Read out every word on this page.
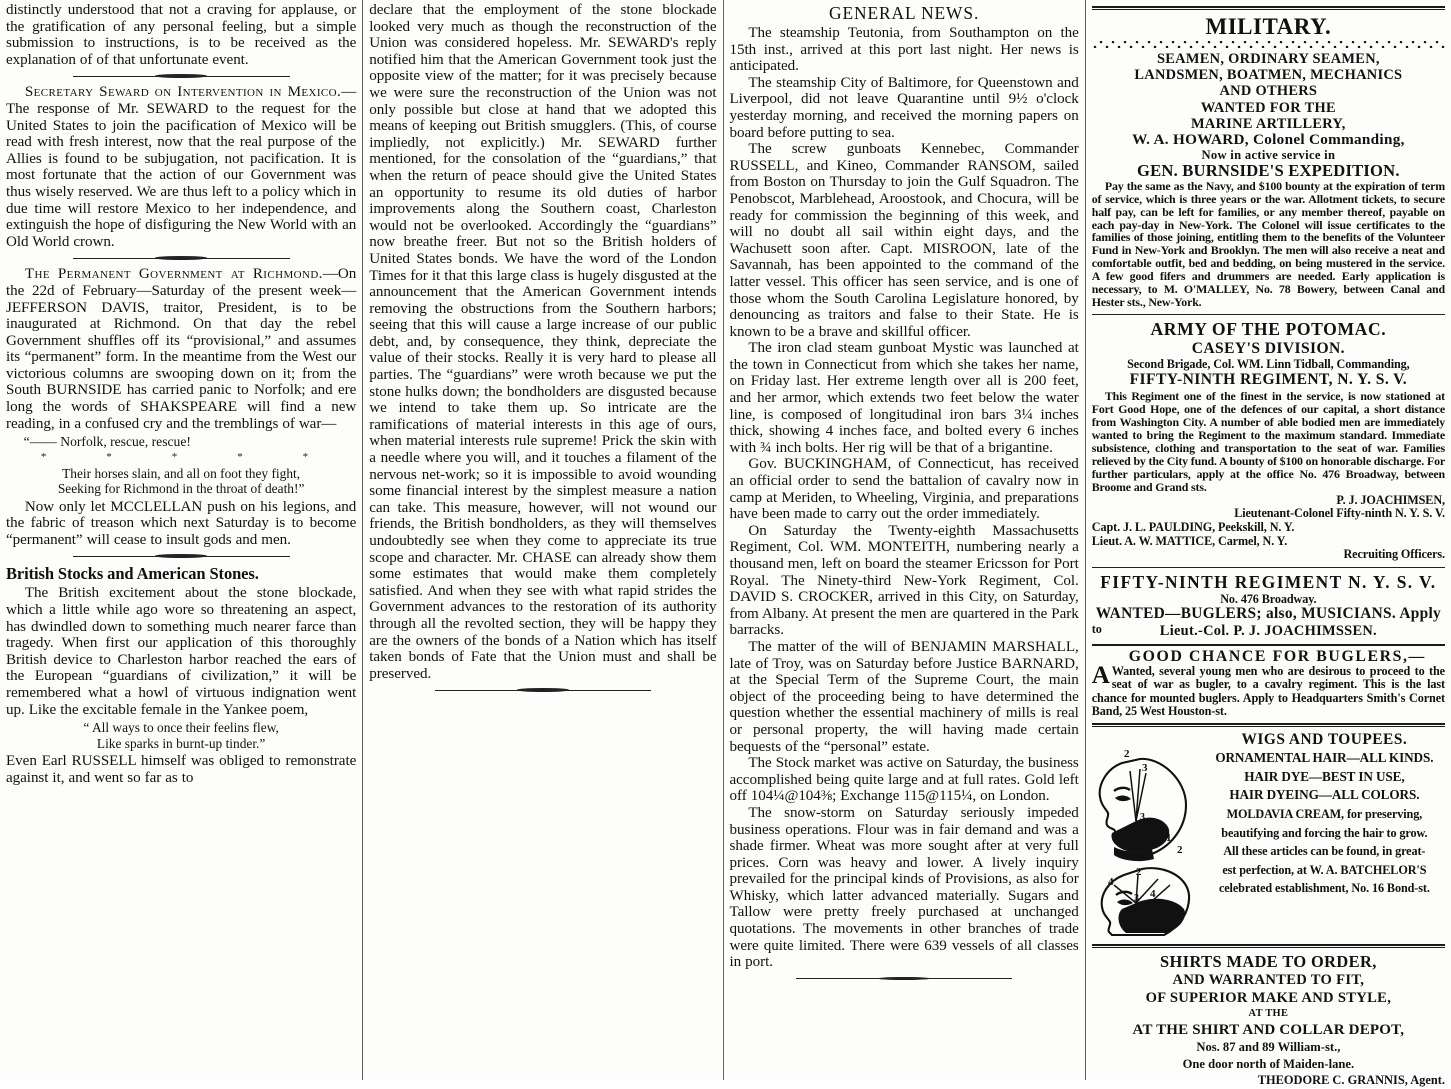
distinctly understood that not a craving for applause, or the gratification of any personal feeling, but a simple submission to instructions, is to be received as the explanation of of that unfortunate event.

Secretary Seward on Intervention in Mexico.—The response of Mr. SEWARD to the request for the United States to join the pacification of Mexico will be read with fresh interest, now that the real purpose of the Allies is found to be subjugation, not pacification. It is most fortunate that the action of our Government was thus wisely reserved. We are thus left to a policy which in due time will restore Mexico to her independence, and extinguish the hope of disfiguring the New World with an Old World crown.

The Permanent Government at Richmond.—On the 22d of February—Saturday of the present week—JEFFERSON DAVIS, traitor, President, is to be inaugurated at Richmond. On that day the rebel Government shuffles off its “provisional,” and assumes its “permanent” form. In the meantime from the West our victorious columns are swooping down on it; from the South BURNSIDE has carried panic to Norfolk; and ere long the words of SHAKSPEARE will find a new reading, in a confused cry and the tremblings of war—

“—— Norfolk, rescue, rescue!

* * * * *
Their horses slain, and all on foot they fight,
Seeking for Richmond in the throat of death!”

Now only let MCCLELLAN push on his legions, and the fabric of treason which next Saturday is to become “permanent” will cease to insult gods and men.

British Stocks and American Stones.

The British excitement about the stone blockade, which a little while ago wore so threatening an aspect, has dwindled down to something much nearer farce than tragedy. When first our application of this thoroughly British device to Charleston harbor reached the ears of the European “guardians of civilization,” it will be remembered what a howl of virtuous indignation went up. Like the excitable female in the Yankee poem,

“ All ways to once their feelins flew,
Like sparks in burnt-up tinder.”

Even Earl RUSSELL himself was obliged to remonstrate against it, and went so far as to

declare that the employment of the stone blockade looked very much as though the reconstruction of the Union was considered hopeless. Mr. SEWARD's reply notified him that the American Government took just the opposite view of the matter; for it was precisely because we were sure the reconstruction of the Union was not only possible but close at hand that we adopted this means of keeping out British smugglers. (This, of course impliedly, not explicitly.) Mr. SEWARD further mentioned, for the consolation of the “guardians,” that when the return of peace should give the United States an opportunity to resume its old duties of harbor improvements along the Southern coast, Charleston would not be overlooked. Accordingly the “guardians” now breathe freer. But not so the British holders of United States bonds. We have the word of the London Times for it that this large class is hugely disgusted at the announcement that the American Government intends removing the obstructions from the Southern harbors; seeing that this will cause a large increase of our public debt, and, by consequence, they think, depreciate the value of their stocks. Really it is very hard to please all parties. The “guardians” were wroth because we put the stone hulks down; the bondholders are disgusted because we intend to take them up. So intricate are the ramifications of material interests in this age of ours, when material interests rule supreme! Prick the skin with a needle where you will, and it touches a filament of the nervous net-work; so it is impossible to avoid wounding some financial interest by the simplest measure a nation can take. This measure, however, will not wound our friends, the British bondholders, as they will themselves undoubtedly see when they come to appreciate its true scope and character. Mr. CHASE can already show them some estimates that would make them completely satisfied. And when they see with what rapid strides the Government advances to the restoration of its authority through all the revolted section, they will be happy they are the owners of the bonds of a Nation which has itself taken bonds of Fate that the Union must and shall be preserved.

GENERAL NEWS.

The steamship Teutonia, from Southampton on the 15th inst., arrived at this port last night. Her news is anticipated.

The steamship City of Baltimore, for Queenstown and Liverpool, did not leave Quarantine until 9½ o'clock yesterday morning, and received the morning papers on board before putting to sea.

The screw gunboats Kennebec, Commander RUSSELL, and Kineo, Commander RANSOM, sailed from Boston on Thursday to join the Gulf Squadron. The Penobscot, Marblehead, Aroostook, and Chocura, will be ready for commission the beginning of this week, and will no doubt all sail within eight days, and the Wachusett soon after. Capt. MISROON, late of the Savannah, has been appointed to the command of the latter vessel. This officer has seen service, and is one of those whom the South Carolina Legislature honored, by denouncing as traitors and false to their State. He is known to be a brave and skillful officer.

The iron clad steam gunboat Mystic was launched at the town in Connecticut from which she takes her name, on Friday last. Her extreme length over all is 200 feet, and her armor, which extends two feet below the water line, is composed of longitudinal iron bars 3¼ inches thick, showing 4 inches face, and bolted every 6 inches with ¾ inch bolts. Her rig will be that of a brigantine.

Gov. BUCKINGHAM, of Connecticut, has received an official order to send the battalion of cavalry now in camp at Meriden, to Wheeling, Virginia, and preparations have been made to carry out the order immediately.

On Saturday the Twenty-eighth Massachusetts Regiment, Col. WM. MONTEITH, numbering nearly a thousand men, left on board the steamer Ericsson for Port Royal. The Ninety-third New-York Regiment, Col. DAVID S. CROCKER, arrived in this City, on Saturday, from Albany. At present the men are quartered in the Park barracks.

The matter of the will of BENJAMIN MARSHALL, late of Troy, was on Saturday before Justice BARNARD, at the Special Term of the Supreme Court, the main object of the proceeding being to have determined the question whether the essential machinery of mills is real or personal property, the will having made certain bequests of the “personal” estate.

The Stock market was active on Saturday, the business accomplished being quite large and at full rates. Gold left off 104¼@104⅜; Exchange 115@115¼, on London.

The snow-storm on Saturday seriously impeded business operations. Flour was in fair demand and was a shade firmer. Wheat was more sought after at very full prices. Corn was heavy and lower. A lively inquiry prevailed for the principal kinds of Provisions, as also for Whisky, which latter advanced materially. Sugars and Tallow were pretty freely purchased at unchanged quotations. The movements in other branches of trade were quite limited. There were 639 vessels of all classes in port.

MILITARY.
SEAMEN, ORDINARY SEAMEN,
LANDSMEN, BOATMEN, MECHANICS
AND OTHERS
WANTED FOR THE
MARINE ARTILLERY,
W. A. HOWARD, Colonel Commanding,
Now in active service in
GEN. BURNSIDE'S EXPEDITION.

Pay the same as the Navy, and $100 bounty at the expiration of term of service, which is three years or the war. Allotment tickets, to secure half pay, can be left for families, or any member thereof, payable on each pay-day in New-York. The Colonel will issue certificates to the families of those joining, entitling them to the benefits of the Volunteer Fund in New-York and Brooklyn. The men will also receive a neat and comfortable outfit, bed and bedding, on being mustered in the service. A few good fifers and drummers are needed. Early application is necessary, to M. O'MALLEY, No. 78 Bowery, between Canal and Hester sts., New-York.

ARMY OF THE POTOMAC.
CASEY'S DIVISION.
Second Brigade, Col. WM. Linn Tidball, Commanding,
FIFTY-NINTH REGIMENT, N. Y. S. V.

This Regiment one of the finest in the service, is now stationed at Fort Good Hope, one of the defences of our capital, a short distance from Washington City. A number of able bodied men are immediately wanted to bring the Regiment to the maximum standard. Immediate subsistence, clothing and transportation to the seat of war. Families relieved by the City fund. A bounty of $100 on honorable discharge. For further particulars, apply at the office No. 476 Broadway, between Broome and Grand sts.

P. J. JOACHIMSEN,
Lieutenant-Colonel Fifty-ninth N. Y. S. V.
Capt. J. L. PAULDING, Peekskill, N. Y.
Lieut. A. W. MATTICE, Carmel, N. Y.
Recruiting Officers.
FIFTY-NINTH REGIMENT N. Y. S. V.
No. 476 Broadway.
WANTED—BUGLERS; also, MUSICIANS. Apply
to	Lieut.-Col. P. J. JOACHIMSSEN.
GOOD CHANCE FOR BUGLERS,—

A Wanted, several young men who are desirous to proceed to the seat of war as bugler, to a cavalry regiment. This is the last chance for mounted buglers. Apply to Headquarters Smith's Cornet Band, 25 West Houston-st.

2
3
3
1
2
2
4
3 4
1

WIGS AND TOUPEES.

ORNAMENTAL HAIR—ALL KINDS.

HAIR DYE—BEST IN USE,

HAIR DYEING—ALL COLORS.

MOLDAVIA CREAM, for preserving,

beautifying and forcing the hair to grow.

All these articles can be found, in great-

est perfection, at W. A. BATCHELOR'S

celebrated establishment, No. 16 Bond-st.

SHIRTS MADE TO ORDER,

AND WARRANTED TO FIT,

OF SUPERIOR MAKE AND STYLE,

AT THE

AT THE SHIRT AND COLLAR DEPOT,

Nos. 87 and 89 William-st.,

One door north of Maiden-lane.

THEODORE C. GRANNIS, Agent.
